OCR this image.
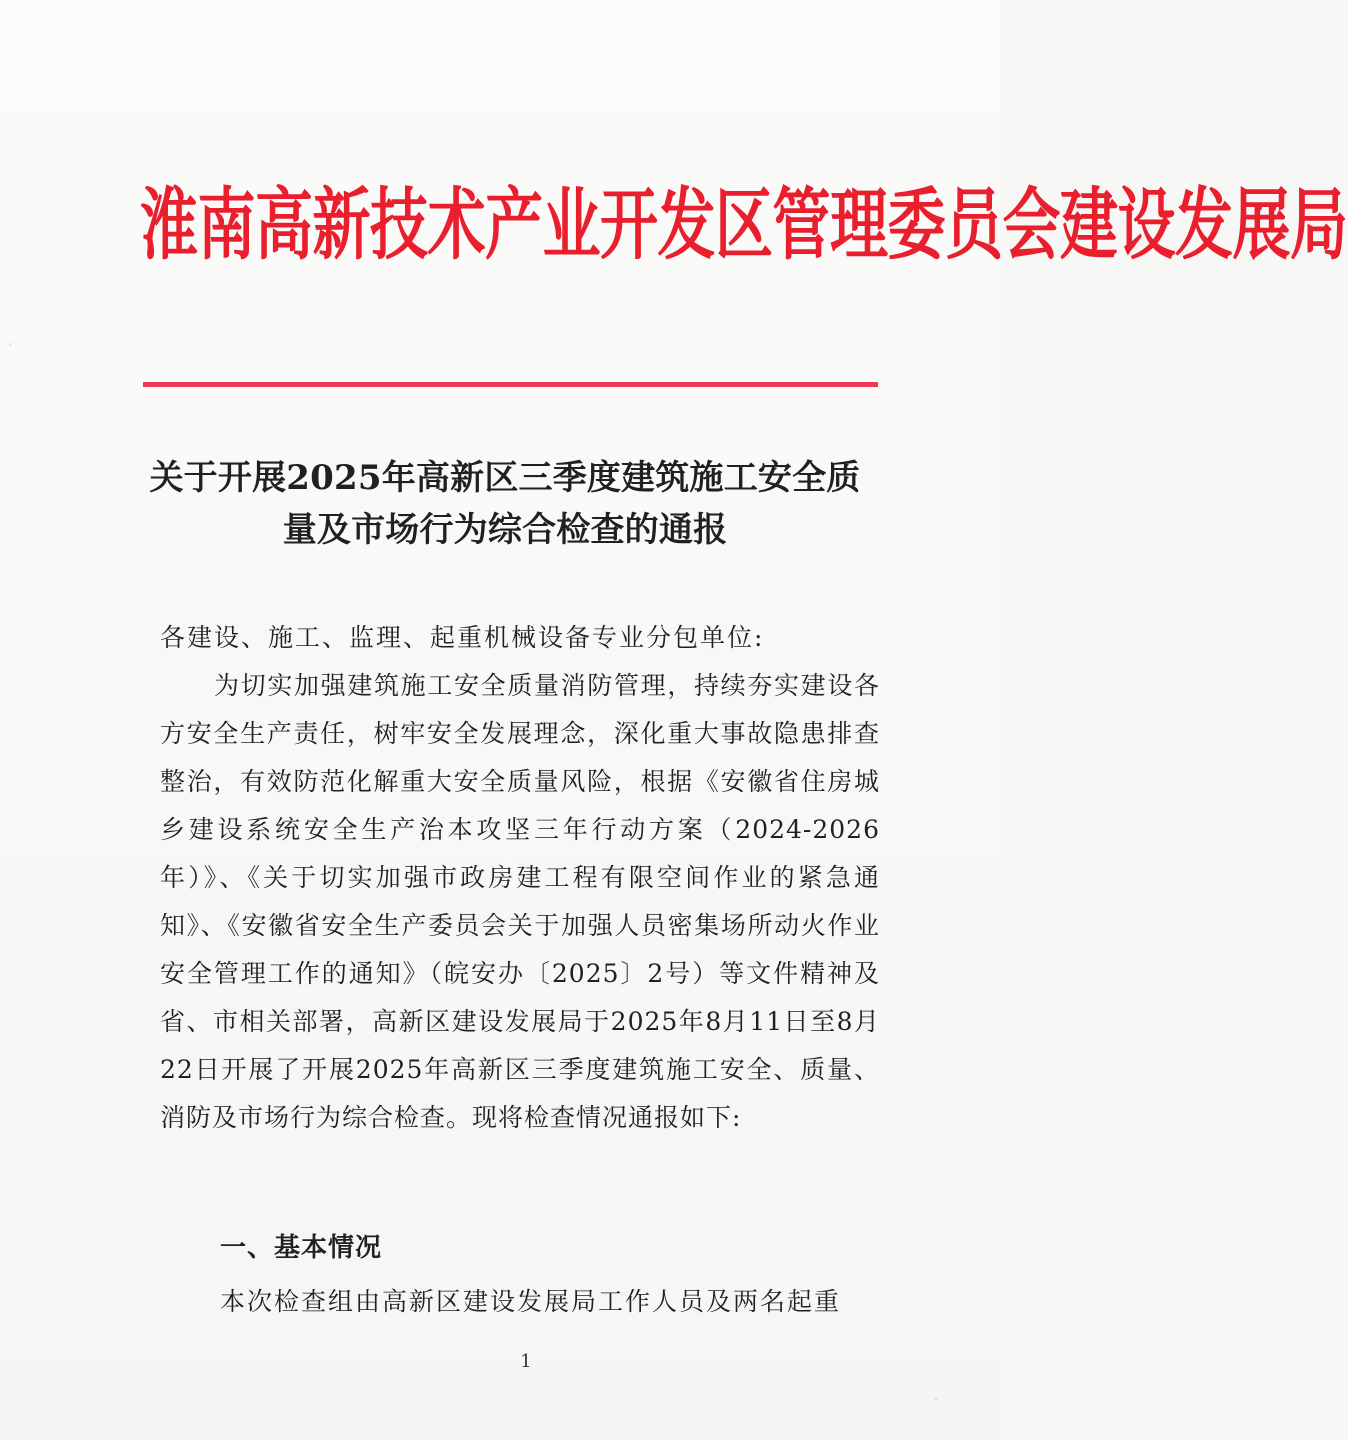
淮南高新技术产业开发区管理委员会建设发展局
关于开展2025年高新区三季度建筑施工安全质量及市场行为综合检查的通报

各建设、施工、监理、起重机械设备专业分包单位:

为切实加强建筑施工安全质量消防管理，持续夯实建设各方安全生产责任，树牢安全发展理念，深化重大事故隐患排查整治，有效防范化解重大安全质量风险，根据《安徽省住房城乡建设系统安全生产治本攻坚三年行动方案（2024-2026年）》、《关于切实加强市政房建工程有限空间作业的紧急通知》、《安徽省安全生产委员会关于加强人员密集场所动火作业安全管理工作的通知》（皖安办〔2025〕2号）等文件精神及省、市相关部署，高新区建设发展局于2025年8月11日至8月22日开展了开展2025年高新区三季度建筑施工安全、质量、消防及市场行为综合检查。现将检查情况通报如下:

一、基本情况
本次检查组由高新区建设发展局工作人员及两名起重
1
